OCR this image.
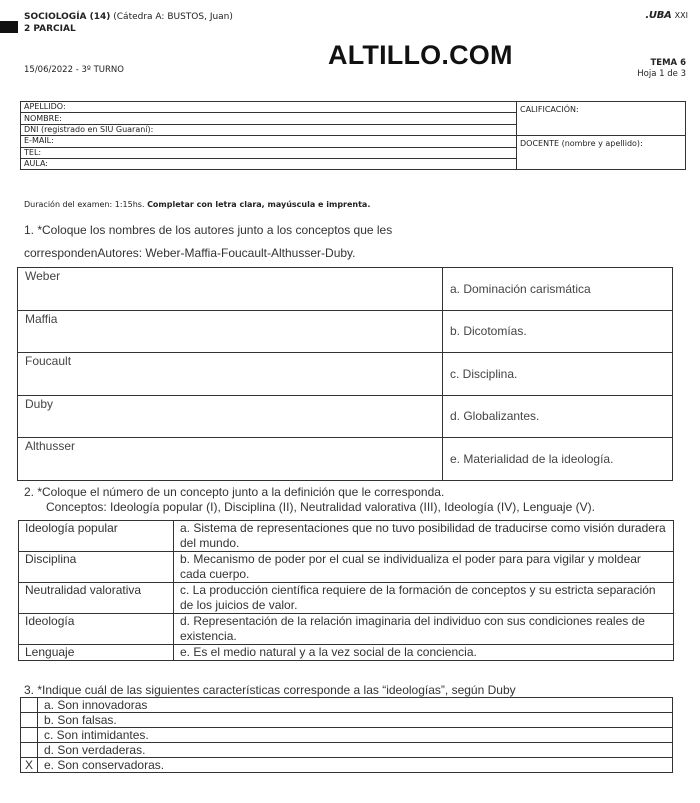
SOCIOLOGÍA (14) (Cátedra A: BUSTOS, Juan)
2 PARCIAL
.UBA XXI
ALTILLO.COM
15/06/2022 - 3º TURNO
TEMA 6
Hoja 1 de 3
APELLIDO:	CALIFICACIÓN:
NOMBRE:	
DNI (registrado en SIU Guaraní):	
E-MAIL:	DOCENTE (nombre y apellido):
TEL:	
AULA:	
Duración del examen: 1:15hs. Completar con letra clara, mayúscula e imprenta.
1. *Coloque los nombres de los autores junto a los conceptos que les
correspondenAutores: Weber-Maffia-Foucault-Althusser-Duby.
Weber	a. Dominación carismática
Maffia	b. Dicotomías.
Foucault	c. Disciplina.
Duby	d. Globalizantes.
Althusser	e. Materialidad de la ideología.
2. *Coloque el número de un concepto junto a la definición que le corresponda.
Conceptos: Ideología popular (I), Disciplina (II), Neutralidad valorativa (III), Ideología (IV), Lenguaje (V).
Ideología popular	a. Sistema de representaciones que no tuvo posibilidad de traducirse como visión duradera del mundo.
Disciplina	b. Mecanismo de poder por el cual se individualiza el poder para para vigilar y moldear cada cuerpo.
Neutralidad valorativa	c. La producción científica requiere de la formación de conceptos y su estricta separación de los juicios de valor.
Ideología	d. Representación de la relación imaginaria del individuo con sus condiciones reales de existencia.
Lenguaje	e. Es el medio natural y a la vez social de la conciencia.
3. *Indique cuál de las siguientes características corresponde a las “ideologías”, según Duby
	a. Son innovadoras
	b. Son falsas.
	c. Son intimidantes.
	d. Son verdaderas.
X	e. Son conservadoras.
